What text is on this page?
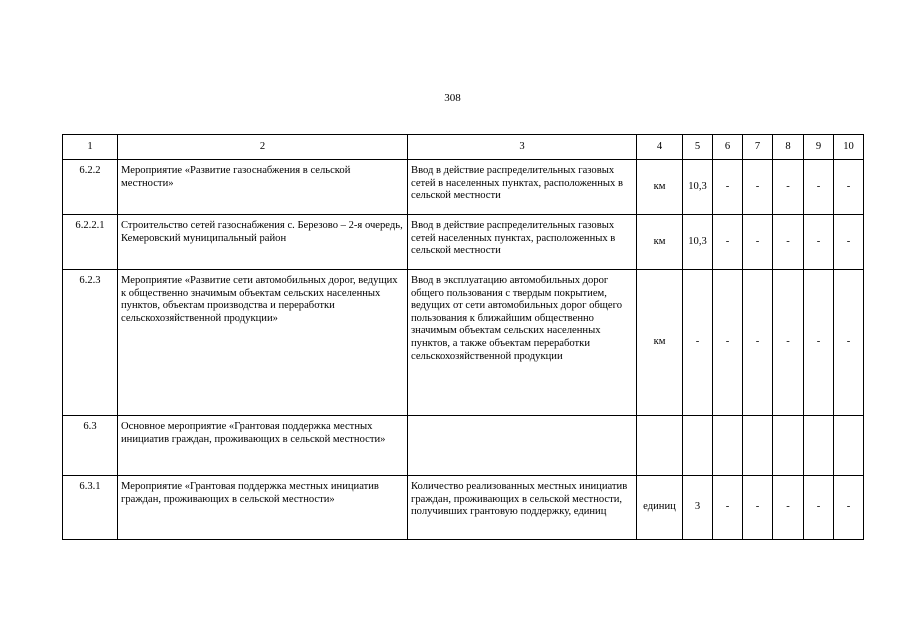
308
1	2	3	4	5	6	7	8	9	10
6.2.2	Мероприятие «Развитие газоснабжения в сельской местности»	Ввод в действие распределительных газовых сетей в населенных пунктах, расположенных в сельской местности	км	10,3	-	-	-	-	-
6.2.2.1	Строительство сетей газоснабжения с. Березово – 2-я очередь, Кемеровский муниципальный район	Ввод в действие распределительных газовых сетей населенных пунктах, расположенных в сельской местности	км	10,3	-	-	-	-	-
6.2.3	Мероприятие «Развитие сети автомобильных дорог, ведущих к общественно значимым объектам сельских населенных пунктов, объектам производства и переработки сельскохозяйственной продукции»	Ввод в эксплуатацию автомобильных дорог общего пользования с твердым покрытием, ведущих от сети автомобильных дорог общего пользования к ближайшим общественно значимым объектам сельских населенных пунктов, а также объектам переработки сельскохозяйственной продукции	км	-	-	-	-	-	-
6.3	Основное мероприятие «Грантовая поддержка местных инициатив граждан, проживающих в сельской местности»								
6.3.1	Мероприятие «Грантовая поддержка местных инициатив граждан, проживающих в сельской местности»	Количество реализованных местных инициатив граждан, проживающих в сельской местности, получивших грантовую поддержку, единиц	единиц	3	-	-	-	-	-
